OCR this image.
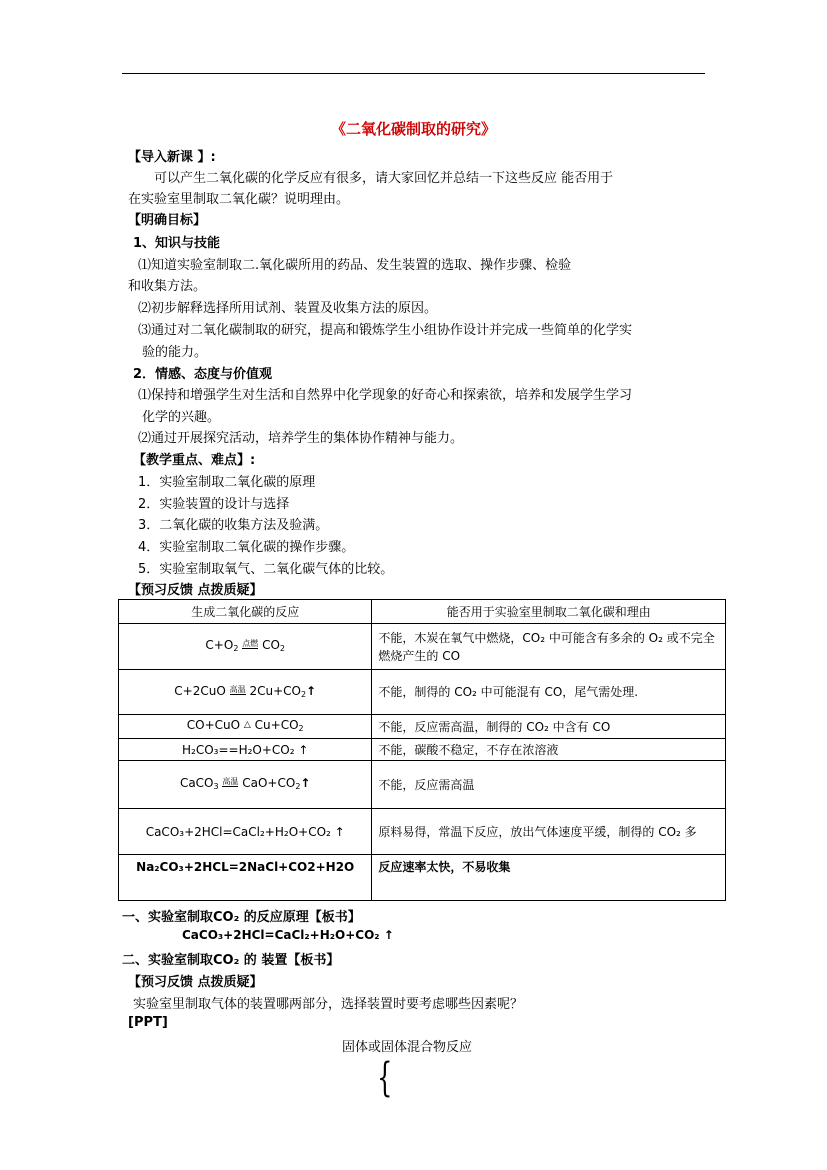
《二氧化碳制取的研究》
【导入新课 】:
可以产生二氧化碳的化学反应有很多，请大家回忆并总结一下这些反应 能否用于
在实验室里制取二氧化碳？说明理由。
【明确目标】
1、知识与技能
⑴知道实验室制取二.氧化碳所用的药品、发生装置的选取、操作步骤、检验
和收集方法。
⑵初步解释选择所用试剂、装置及收集方法的原因。
⑶通过对二氧化碳制取的研究，提高和锻炼学生小组协作设计并完成一些简单的化学实
验的能力。
2．情感、态度与价值观
⑴保持和增强学生对生活和自然界中化学现象的好奇心和探索欲，培养和发展学生学习
化学的兴趣。
⑵通过开展探究活动，培养学生的集体协作精神与能力。
【教学重点、难点】:
1．实验室制取二氧化碳的原理
2．实验装置的设计与选择
3．二氧化碳的收集方法及验满。
4．实验室制取二氧化碳的操作步骤。
5．实验室制取氧气、二氧化碳气体的比较。
【预习反馈 点拨质疑】
生成二氧化碳的反应	能否用于实验室里制取二氧化碳和理由
$C+O_2$ $^{点燃}$ $CO_2$	不能，木炭在氧气中燃烧，CO₂ 中可能含有多余的 O₂ 或不完全燃烧产生的 CO
C+2CuO $^{高温}$ $2Cu+CO_2↑$	不能，制得的 CO₂ 中可能混有 CO，尾气需处理.
CO+CuO △ $Cu+CO_2$	不能，反应需高温，制得的 CO₂ 中含有 CO
H₂CO₃==H₂O+CO₂ ↑	不能，碳酸不稳定，不存在浓溶液
CaCO$_3$ $^{高温}$ $CaO+CO_2↑$	不能，反应需高温
CaCO₃+2HCl=CaCl₂+H₂O+CO₂ ↑	原料易得，常温下反应，放出气体速度平缓，制得的 CO₂ 多
Na₂CO₃+2HCL=2NaCl+CO2+H2O	反应速率太快，不易收集
一、实验室制取CO₂ 的反应原理【板书】
CaCO₃+2HCl=CaCl₂+H₂O+CO₂ ↑
二、实验室制取CO₂ 的 装置【板书】
【预习反馈 点拨质疑】
实验室里制取气体的装置哪两部分，选择装置时要考虑哪些因素呢？
[PPT]
固体或固体混合物反应
{
